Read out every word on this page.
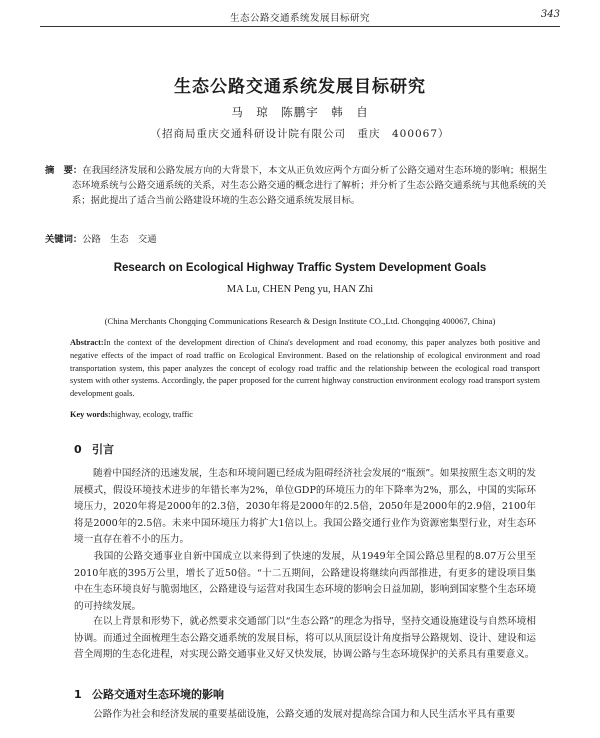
生态公路交通系统发展目标研究	343
生态公路交通系统发展目标研究
马　琼　陈鹏宇　韩　自
（招商局重庆交通科研设计院有限公司　重庆　400067）
摘　要：在我国经济发展和公路发展方向的大背景下，本文从正负效应两个方面分析了公路交通对生态环境的影响；根据生态环境系统与公路交通系统的关系，对生态公路交通的概念进行了解析；并分析了生态公路交通系统与其他系统的关系；据此提出了适合当前公路建设环境的生态公路交通系统发展目标。
关键词：公路　生态　交通
Research on Ecological Highway Traffic System Development Goals
MA Lu, CHEN Peng yu, HAN Zhi
(China Merchants Chongqing Communications Research & Design Institute CO.,Ltd. Chongqing 400067, China)
Abstract:In the context of the development direction of China's development and road economy, this paper analyzes both positive and negative effects of the impact of road traffic on Ecological Environment. Based on the relationship of ecological environment and road transportation system, this paper analyzes the concept of ecology road traffic and the relationship between the ecological road transport system with other systems. Accordingly, the paper proposed for the current highway construction environment ecology road transport system development goals.
Key words:highway, ecology, traffic
0 引言
随着中国经济的迅速发展，生态和环境问题已经成为阻碍经济社会发展的“瓶颈”。如果按照生态文明的发展模式，假设环境技术进步的年错长率为2%，单位GDP的环境压力的年下降率为2%，那么，中国的实际环境压力，2020年将是2000年的2.3倍，2030年将是2000年的2.5倍，2050年是2000年的2.9倍，2100年将是2000年的2.5倍。未来中国环境压力将扩大1倍以上。我国公路交通行业作为资源密集型行业，对生态环境一直存在着不小的压力。
　　我国的公路交通事业自新中国成立以来得到了快速的发展，从1949年全国公路总里程的8.07万公里至2010年底的395万公里，增长了近50倍。“十二五期间，公路建设将继续向西部推进，有更多的建设项目集中在生态环境良好与脆弱地区，公路建设与运营对我国生态环境的影响会日益加剧，影响到国家整个生态环境的可持续发展。
　　在以上背景和形势下，就必然要求交通部门以“生态公路”的理念为指导，坚持交通设施建设与自然环境相协调。而通过全面梳理生态公路交通系统的发展目标，将可以从顶层设计角度指导公路规划、设计、建设和运营全周期的生态化进程，对实现公路交通事业又好又快发展，协调公路与生态环境保护的关系具有重要意义。
1 公路交通对生态环境的影响
　　公路作为社会和经济发展的重要基础设施，公路交通的发展对提高综合国力和人民生活水平具有重要
